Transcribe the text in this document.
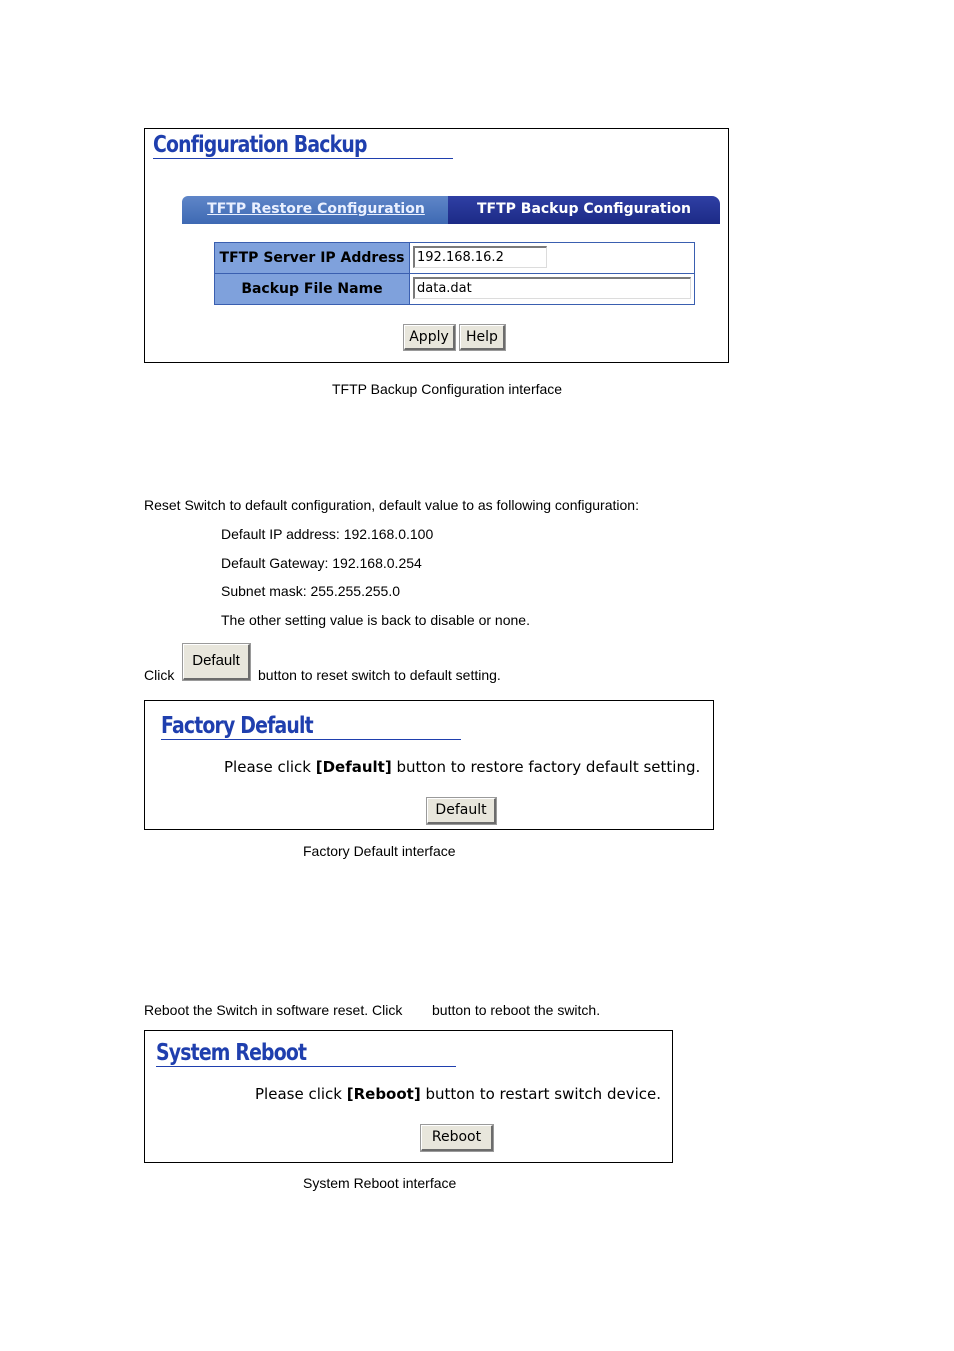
Configuration Backup
TFTP Restore Configuration	TFTP Backup Configuration
TFTP Server IP Address	192.168.16.2

Backup File Name	data.dat
Apply	Help
TFTP Backup Configuration interface
Reset Switch to default configuration, default value to as following configuration:
Default IP address: 192.168.0.100
Default Gateway: 192.168.0.254
Subnet mask: 255.255.255.0
The other setting value is back to disable or none.
Click
Default
button to reset switch to default setting.
Factory Default
Please click [Default] button to restore factory default setting.
Default
Factory Default interface
Reboot the Switch in software reset. Click button to reboot the switch.
System Reboot
Please click [Reboot] button to restart switch device.
Reboot
System Reboot interface
